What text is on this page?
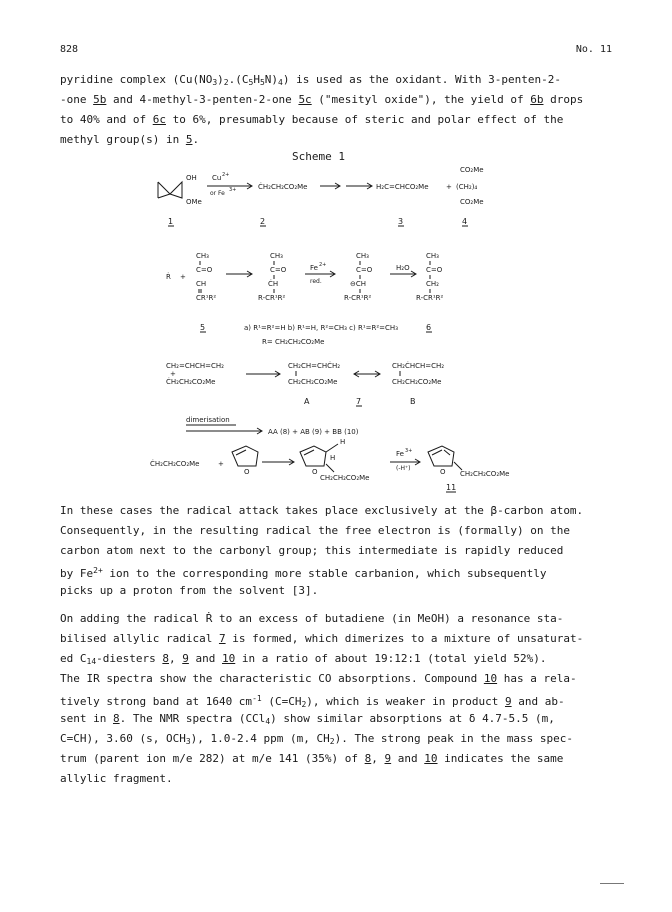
828	No. 11
pyridine complex $(Cu(NO_3)_2.(C_5H_5N)_4)$ is used as the oxidant. With 3-penten-2-
-one 5b and 4-methyl-3-penten-2-one 5c ("mesityl oxide"), the yield of 6b drops
to 40% and of 6c to 6%, presumably because of steric and polar effect of the
methyl group(s) in 5.
Scheme 1
OH
OMe
Cu 2+
or Fe 3+	ĊH₂CH₂CO₂Me	H₂C=CHCO₂Me +
CO₂Me
(CH₂)₄
CO₂Me
1	2	3	4
Ṙ +
CH₃
C=O
CH
CR¹R²
CH₃
C=O
ĊH
R-CR¹R²
Fe 2+
red.
CH₃
C=O
⊖CH
R-CR¹R²
H₂O
CH₃
C=O
CH₂
R-CR¹R²
5	a) R¹=R²=H b) R¹=H, R²=CH₃ c) R¹=R²=CH₃	6
R= CH₂CH₂CO₂Me
CH₂=CHCH=CH₂
+
ĊH₂CH₂CO₂Me
CH₂CH=CHĊH₂
CH₂CH₂CO₂Me
CH₂ĊHCH=CH₂
CH₂CH₂CO₂Me
A	7	B
dimerisation
AA (8) + AB (9) + BB (10)
ĊH₂CH₂CO₂Me	+
O	O
H
H
CH₂CH₂CO₂Me
Fe 3+
(-H⁺)	O CH₂CH₂CO₂Me
11
In these cases the radical attack takes place exclusively at the β-carbon atom.
Consequently, in the resulting radical the free electron is (formally) on the
carbon atom next to the carbonyl group; this intermediate is rapidly reduced
by $Fe^{2+}$ ion to the corresponding more stable carbanion, which subsequently
picks up a proton from the solvent [3].
On adding the radical Ṙ to an excess of butadiene (in MeOH) a resonance sta-
bilised allylic radical 7 is formed, which dimerizes to a mixture of unsaturat-
ed $C_{14}$-diesters 8, 9 and 10 in a ratio of about 19:12:1 (total yield 52%).
The IR spectra show the characteristic CO absorptions. Compound 10 has a rela-
tively strong band at 1640 $cm^{-1}$ $(C=CH_2)$, which is weaker in product 9 and ab-
sent in 8. The NMR spectra (CCl$_4$) show similar absorptions at δ 4.7-5.5 (m,
C=CH), 3.60 (s, $OCH_3$), 1.0-2.4 ppm (m, $CH_2$). The strong peak in the mass spec-
trum (parent ion m/e 282) at m/e 141 (35%) of 8, 9 and 10 indicates the same
allylic fragment.
